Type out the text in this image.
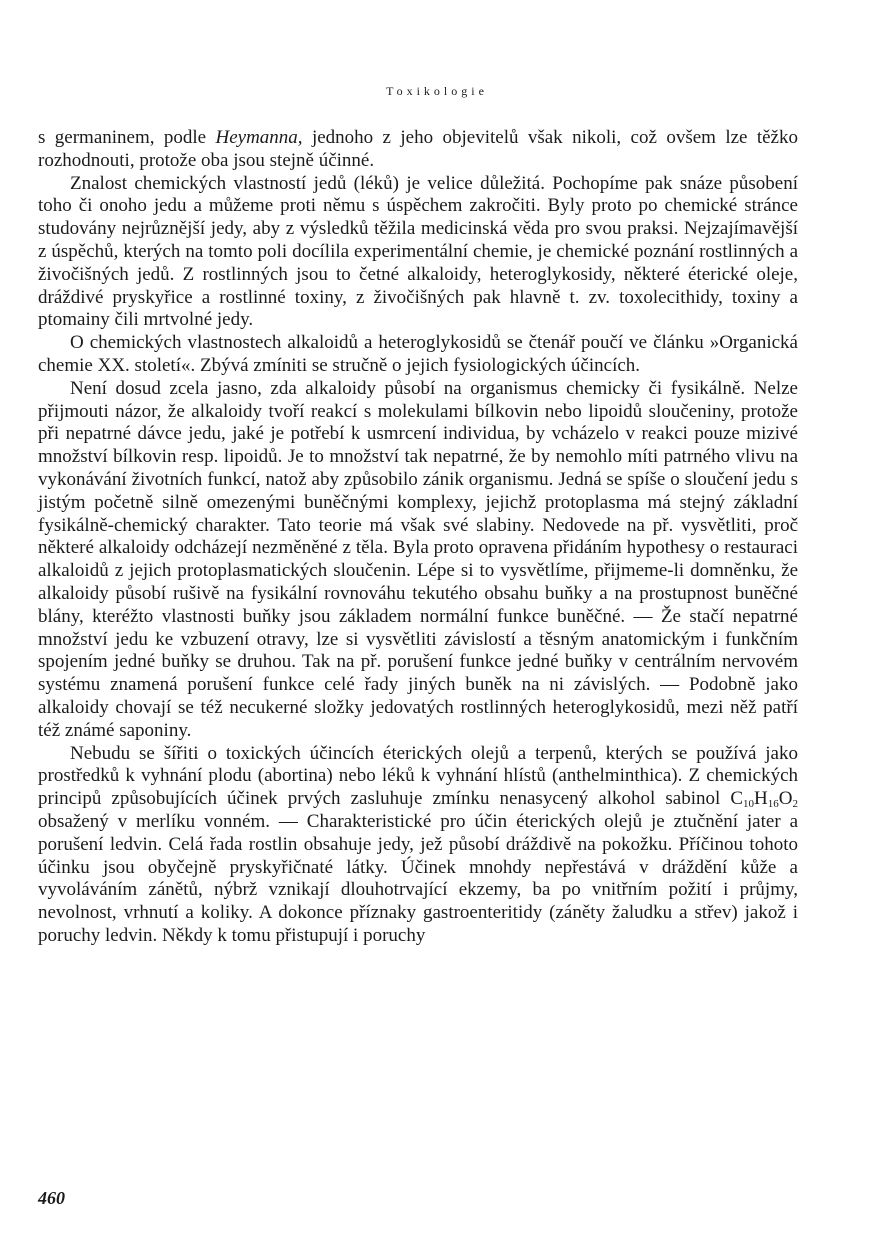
Toxikologie

s germaninem, podle Heymanna, jednoho z jeho objevitelů však nikoli, což ovšem lze těžko rozhodnouti, protože oba jsou stejně účinné.

Znalost chemických vlastností jedů (léků) je velice důležitá. Pochopíme pak snáze působení toho či onoho jedu a můžeme proti němu s úspěchem zakročiti. Byly proto po chemické stránce studovány nejrůznější jedy, aby z výsledků těžila medicinská věda pro svou praksi. Nejzajímavější z úspěchů, kterých na tomto poli docílila experimentální chemie, je chemické poznání rostlinných a živočišných jedů. Z rostlinných jsou to četné alkaloidy, heteroglykosidy, některé éterické oleje, dráždivé pryskyřice a rostlinné toxiny, z živočišných pak hlavně t. zv. toxolecithidy, toxiny a ptomainy čili mrtvolné jedy.

O chemických vlastnostech alkaloidů a heteroglykosidů se čtenář poučí ve článku »Organická chemie XX. století«. Zbývá zmíniti se stručně o jejich fysiologických účincích.

Není dosud zcela jasno, zda alkaloidy působí na organismus chemicky či fysikálně. Nelze přijmouti názor, že alkaloidy tvoří reakcí s molekulami bílkovin nebo lipoidů sloučeniny, protože při nepatrné dávce jedu, jaké je potřebí k usmrcení individua, by vcházelo v reakci pouze mizivé množství bílkovin resp. lipoidů. Je to množství tak nepatrné, že by nemohlo míti patrného vlivu na vykonávání životních funkcí, natož aby způsobilo zánik organismu. Jedná se spíše o sloučení jedu s jistým početně silně omezenými buněčnými komplexy, jejichž protoplasma má stejný základní fysikálně-chemický charakter. Tato teorie má však své slabiny. Nedovede na př. vysvětliti, proč některé alkaloidy odcházejí nezměněné z těla. Byla proto opravena přidáním hypothesy o restauraci alkaloidů z jejich protoplasmatických sloučenin. Lépe si to vysvětlíme, přijmeme-li domněnku, že alkaloidy působí rušivě na fysikální rovnováhu tekutého obsahu buňky a na prostupnost buněčné blány, kteréžto vlastnosti buňky jsou základem normální funkce buněčné. — Že stačí nepatrné množství jedu ke vzbuzení otravy, lze si vysvětliti závislostí a těsným anatomickým i funkčním spojením jedné buňky se druhou. Tak na př. porušení funkce jedné buňky v centrálním nervovém systému znamená porušení funkce celé řady jiných buněk na ni závislých. — Podobně jako alkaloidy chovají se též necukerné složky jedovatých rostlinných heteroglykosidů, mezi něž patří též známé saponiny.

Nebudu se šířiti o toxických účincích éterických olejů a terpenů, kterých se používá jako prostředků k vyhnání plodu (abortina) nebo léků k vyhnání hlístů (anthelminthica). Z chemických principů způsobujících účinek prvých zasluhuje zmínku nenasycený alkohol sabinol $C_{10}H_{16}O_2$ obsažený v merlíku vonném. — Charakteristické pro účin éterických olejů je ztučnění jater a porušení ledvin. Celá řada rostlin obsahuje jedy, jež působí dráždivě na pokožku. Příčinou tohoto účinku jsou obyčejně pryskyřičnaté látky. Účinek mnohdy nepřestává v dráždění kůže a vyvoláváním zánětů, nýbrž vznikají dlouhotrvající ekzemy, ba po vnitřním požití i průjmy, nevolnost, vrhnutí a koliky. A dokonce příznaky gastroenteritidy (záněty žaludku a střev) jakož i poruchy ledvin. Někdy k tomu přistupují i poruchy

460
